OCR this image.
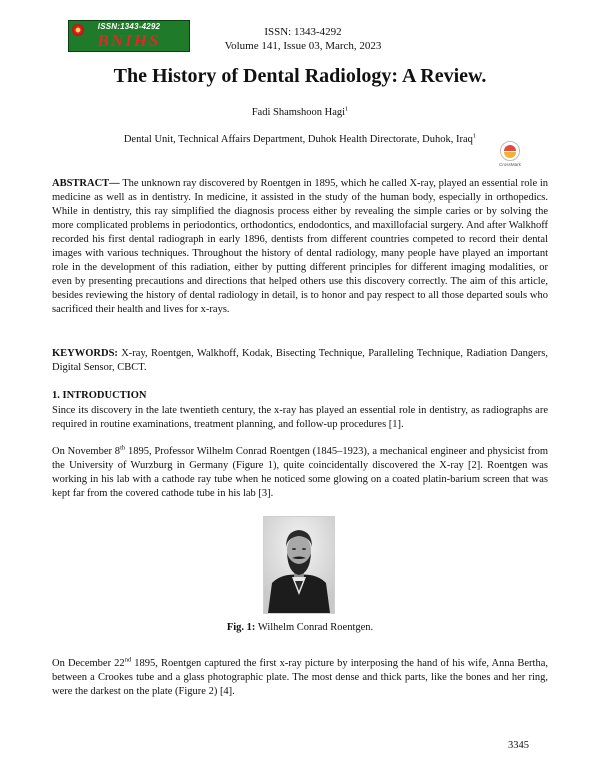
ISSN:1343-4292
BNIHS	ISSN: 1343-4292
Volume 141, Issue 03, March, 2023
The History of Dental Radiology: A Review.
Fadi Shamshoon Hagi$^1$
Dental Unit, Technical Affairs Department, Duhok Health Directorate, Duhok, Iraq$^1$
CrossMark
ABSTRACT— The unknown ray discovered by Roentgen in 1895, which he called X-ray, played an essential role in medicine as well as in dentistry. In medicine, it assisted in the study of the human body, especially in orthopedics. While in dentistry, this ray simplified the diagnosis process either by revealing the simple caries or by solving the more complicated problems in periodontics, orthodontics, endodontics, and maxillofacial surgery. And after Walkhoff recorded his first dental radiograph in early 1896, dentists from different countries competed to record their dental images with various techniques. Throughout the history of dental radiology, many people have played an important role in the development of this radiation, either by putting different principles for different imaging modalities, or even by presenting precautions and directions that helped others use this discovery correctly. The aim of this article, besides reviewing the history of dental radiology in detail, is to honor and pay respect to all those departed souls who sacrificed their health and lives for x-rays.
KEYWORDS: X-ray, Roentgen, Walkhoff, Kodak, Bisecting Technique, Paralleling Technique, Radiation Dangers, Digital Sensor, CBCT.
1. INTRODUCTION
Since its discovery in the late twentieth century, the x-ray has played an essential role in dentistry, as radiographs are required in routine examinations, treatment planning, and follow-up procedures [1].
On November 8th 1895, Professor Wilhelm Conrad Roentgen (1845–1923), a mechanical engineer and physicist from the University of Wurzburg in Germany (Figure 1), quite coincidentally discovered the X-ray [2]. Roentgen was working in his lab with a cathode ray tube when he noticed some glowing on a coated platin-barium screen that was kept far from the covered cathode tube in his lab [3].
Fig. 1: Wilhelm Conrad Roentgen.
On December 22nd 1895, Roentgen captured the first x-ray picture by interposing the hand of his wife, Anna Bertha, between a Crookes tube and a glass photographic plate. The most dense and thick parts, like the bones and her ring, were the darkest on the plate (Figure 2) [4].
3345
